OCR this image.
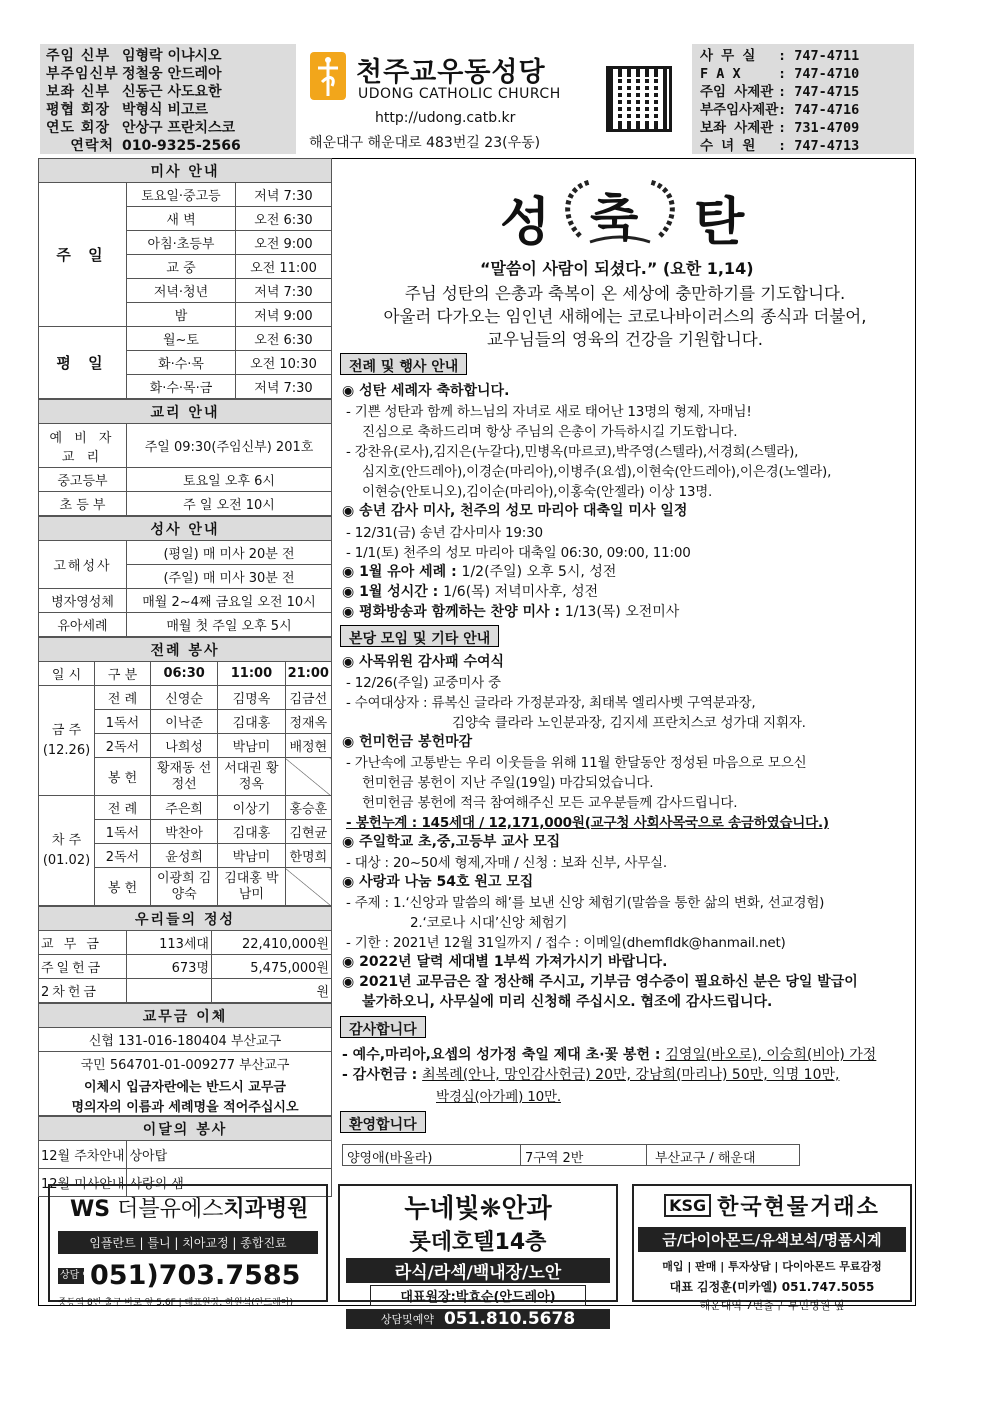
주임 신부 임형락 이냐시오
부주임신부 정철웅 안드레아
보좌 신부 신동근 사도요한
평협 회장 박형식 비고르
연도 회장 안상구 프란치스코
연락처 010-9325-2566
천주교우동성당
UDONG CATHOLIC CHURCH
http://udong.catb.kr
해운대구 해운대로 483번길 23(우동)
사 무 실	: 747-4711
F A X	: 747-4710
주임 사제관 : 747-4715
부주임사제관 : 747-4716
보좌 사제관 : 731-4709
수 녀 원	: 747-4713
미사 안내		
주 일	토요일·중고등	저녁 7:30
	새 벽	오전 6:30
	아침·초등부	오전 9:00
	교 중	오전 11:00
	저녁·청년	저녁 7:30
	밤	저녁 9:00
평 일	월~토	오전 6:30
	화·수·목	오전 10:30
	화·수·목·금	저녁 7:30
교리 안내	
예 비 자 교 리	주일 09:30(주임신부) 201호
중고등부	토요일 오후 6시
초 등 부	주 일 오전 10시
성사 안내	
고해성사	(평일) 매 미사 20분 전
	(주일) 매 미사 30분 전
병자영성체	매월 2~4째 금요일 오전 10시
유아세례	매월 첫 주일 오후 5시
전례 봉사				
일 시	구 분	06:30	11:00	21:00

금 주
(12.26)	전 례	신영순	김명옥	김금선
	1독서	이낙준	김대홍	정재옥
	2독서	나희성	박남미	배정현
	봉 헌	황재동 선정선	서대권 황정옥	

차 주
(01.02)	전 례	주은희	이상기	홍승훈
	1독서	박찬아	김대홍	김현균
	2독서	윤성희	박남미	한명희
	봉 헌	이광희 김양숙	김대홍 박남미	
우리들의 정성		
교 무 금	113세대	22,410,000원
주일헌금	673명	5,475,000원
2차헌금		원
교무금 이체
신협 131-016-180404 부산교구
국민 564701-01-009277 부산교구
이체시 입금자란에는 반드시 교무금
명의자의 이름과 세례명을 적어주십시오
이달의 봉사	
12월 주차안내	상아탑
12월 미사안내	사랑의 샘
성 축 탄
“말씀이 사람이 되셨다.” (요한 1,14)
주님 성탄의 은총과 축복이 온 세상에 충만하기를 기도합니다.
아울러 다가오는 임인년 새해에는 코로나바이러스의 종식과 더불어,
교우님들의 영육의 건강을 기원합니다.
전례 및 행사 안내
◉ 성탄 세례자 축하합니다.
- 기쁜 성탄과 함께 하느님의 자녀로 새로 태어난 13명의 형제, 자매님!
진심으로 축하드리며 항상 주님의 은총이 가득하시길 기도합니다.
- 강찬유(로사),김지은(누갈다),민병옥(마르코),박주영(스텔라),서경희(스텔라),
심지호(안드레아),이경순(마리아),이병주(요셉),이현숙(안드레아),이은경(노엘라),
이현승(안토니오),김이순(마리아),이홍숙(안젤라) 이상 13명.
◉ 송년 감사 미사, 천주의 성모 마리아 대축일 미사 일정
- 12/31(금) 송년 감사미사 19:30
- 1/1(토) 천주의 성모 마리아 대축일 06:30, 09:00, 11:00
◉ 1월 유아 세례 : 1/2(주일) 오후 5시, 성전
◉ 1월 성시간 : 1/6(목) 저녁미사후, 성전
◉ 평화방송과 함께하는 찬양 미사 : 1/13(목) 오전미사
본당 모임 및 기타 안내
◉ 사목위원 감사패 수여식
- 12/26(주일) 교중미사 중
- 수여대상자 : 류복신 글라라 가정분과장, 최태복 엘리사벳 구역분과장,
김양숙 클라라 노인분과장, 김지세 프란치스코 성가대 지휘자.
◉ 헌미헌금 봉헌마감
- 가난속에 고통받는 우리 이웃들을 위해 11월 한달동안 정성된 마음으로 모으신
헌미헌금 봉헌이 지난 주일(19일) 마감되었습니다.
헌미헌금 봉헌에 적극 참여해주신 모든 교우분들께 감사드립니다.
- 봉헌누계 : 145세대 / 12,171,000원(교구청 사회사목국으로 송금하였습니다.)
◉ 주일학교 초,중,고등부 교사 모집
- 대상 : 20~50세 형제,자매 / 신청 : 보좌 신부, 사무실.
◉ 사랑과 나눔 54호 원고 모집
- 주제 : 1.‘신앙과 말씀의 해’를 보낸 신앙 체험기(말씀을 통한 삶의 변화, 선교경험)
2.‘코로나 시대’신앙 체험기
- 기한 : 2021년 12월 31일까지 / 접수 : 이메일(dhemfldk@hanmail.net)
◉ 2022년 달력 세대별 1부씩 가져가시기 바랍니다.
◉ 2021년 교무금은 잘 정산해 주시고, 기부금 영수증이 필요하신 분은 당일 발급이
불가하오니, 사무실에 미리 신청해 주십시오. 협조에 감사드립니다.
감사합니다
- 예수,마리아,요셉의 성가정 축일 제대 초·꽃 봉헌 : 김영일(바오로), 이승희(비아) 가정
- 감사헌금 : 최복례(안나, 망인감사헌금) 20만, 강남희(마리나) 50만, 익명 10만,
박경심(아가페) 10만.
환영합니다
양영애(바올라)	7구역 2반	부산교구 / 해운대
WS 더블유에스치과병원
임플란트 | 틀니 | 치아교정 | 종합진료
상담 예약
051)703.7585
중동역 8번 출구 바로 앞 5.6F | 대표원장: 하원석(안드레아)
누네빛❋안과
롯데호텔14층
라식/라섹/백내장/노안
대표원장:박효순(안드레아)
상담및예약 051.810.5678
KSG 한국현물거래소
금/다이아몬드/유색보석/명품시계
매입 | 판매 | 투자상담 | 다이아몬드 무료감정
대표 김정훈(미카엘) 051.747.5055
해운대역 7번출구 부민병원 옆
